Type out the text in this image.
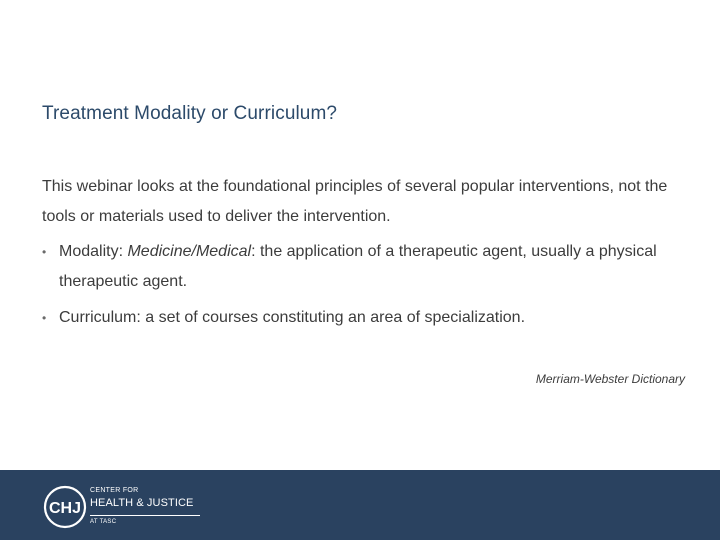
Treatment Modality or Curriculum?

This webinar looks at the foundational principles of several popular interventions, not the tools or materials used to deliver the intervention.

• Modality: Medicine/Medical: the application of a therapeutic agent, usually a physical therapeutic agent.
• Curriculum: a set of courses constituting an area of specialization.
Merriam-Webster Dictionary
CHJ
CENTER FOR
HEALTH & JUSTICE
AT TASC
